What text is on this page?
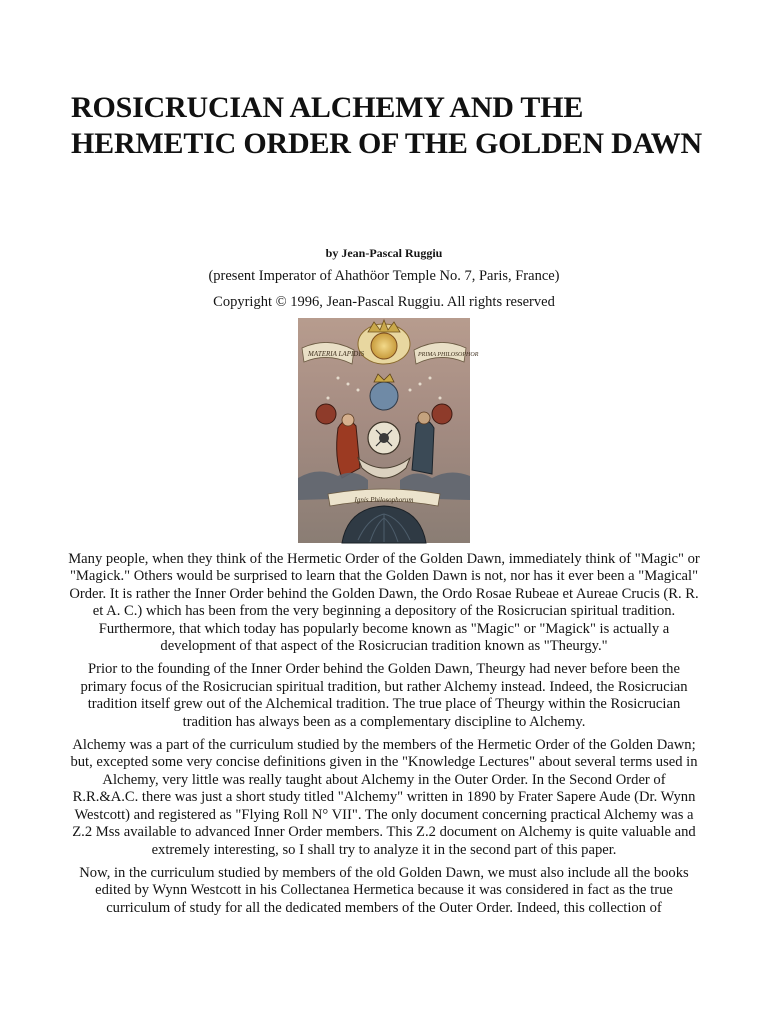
ROSICRUCIAN ALCHEMY AND THE HERMETIC ORDER OF THE GOLDEN DAWN
by Jean-Pascal Ruggiu
(present Imperator of Ahathöor Temple No. 7, Paris, France)
Copyright © 1996, Jean-Pascal Ruggiu. All rights reserved
MATERIA LAPIDIS	PRIMA PHILOSOPHOR
Ignis Philosophorum

Many people, when they think of the Hermetic Order of the Golden Dawn, immediately think of "Magic" or "Magick." Others would be surprised to learn that the Golden Dawn is not, nor has it ever been a "Magical" Order. It is rather the Inner Order behind the Golden Dawn, the Ordo Rosae Rubeae et Aureae Crucis (R. R. et A. C.) which has been from the very beginning a depository of the Rosicrucian spiritual tradition. Furthermore, that which today has popularly become known as "Magic" or "Magick" is actually a development of that aspect of the Rosicrucian tradition known as "Theurgy."

Prior to the founding of the Inner Order behind the Golden Dawn, Theurgy had never before been the primary focus of the Rosicrucian spiritual tradition, but rather Alchemy instead. Indeed, the Rosicrucian tradition itself grew out of the Alchemical tradition. The true place of Theurgy within the Rosicrucian tradition has always been as a complementary discipline to Alchemy.

Alchemy was a part of the curriculum studied by the members of the Hermetic Order of the Golden Dawn; but, excepted some very concise definitions given in the "Knowledge Lectures" about several terms used in Alchemy, very little was really taught about Alchemy in the Outer Order. In the Second Order of R.R.&A.C. there was just a short study titled "Alchemy" written in 1890 by Frater Sapere Aude (Dr. Wynn Westcott) and registered as "Flying Roll N° VII". The only document concerning practical Alchemy was a Z.2 Mss available to advanced Inner Order members. This Z.2 document on Alchemy is quite valuable and extremely interesting, so I shall try to analyze it in the second part of this paper.

Now, in the curriculum studied by members of the old Golden Dawn, we must also include all the books edited by Wynn Westcott in his Collectanea Hermetica because it was considered in fact as the true curriculum of study for all the dedicated members of the Outer Order. Indeed, this collection of
